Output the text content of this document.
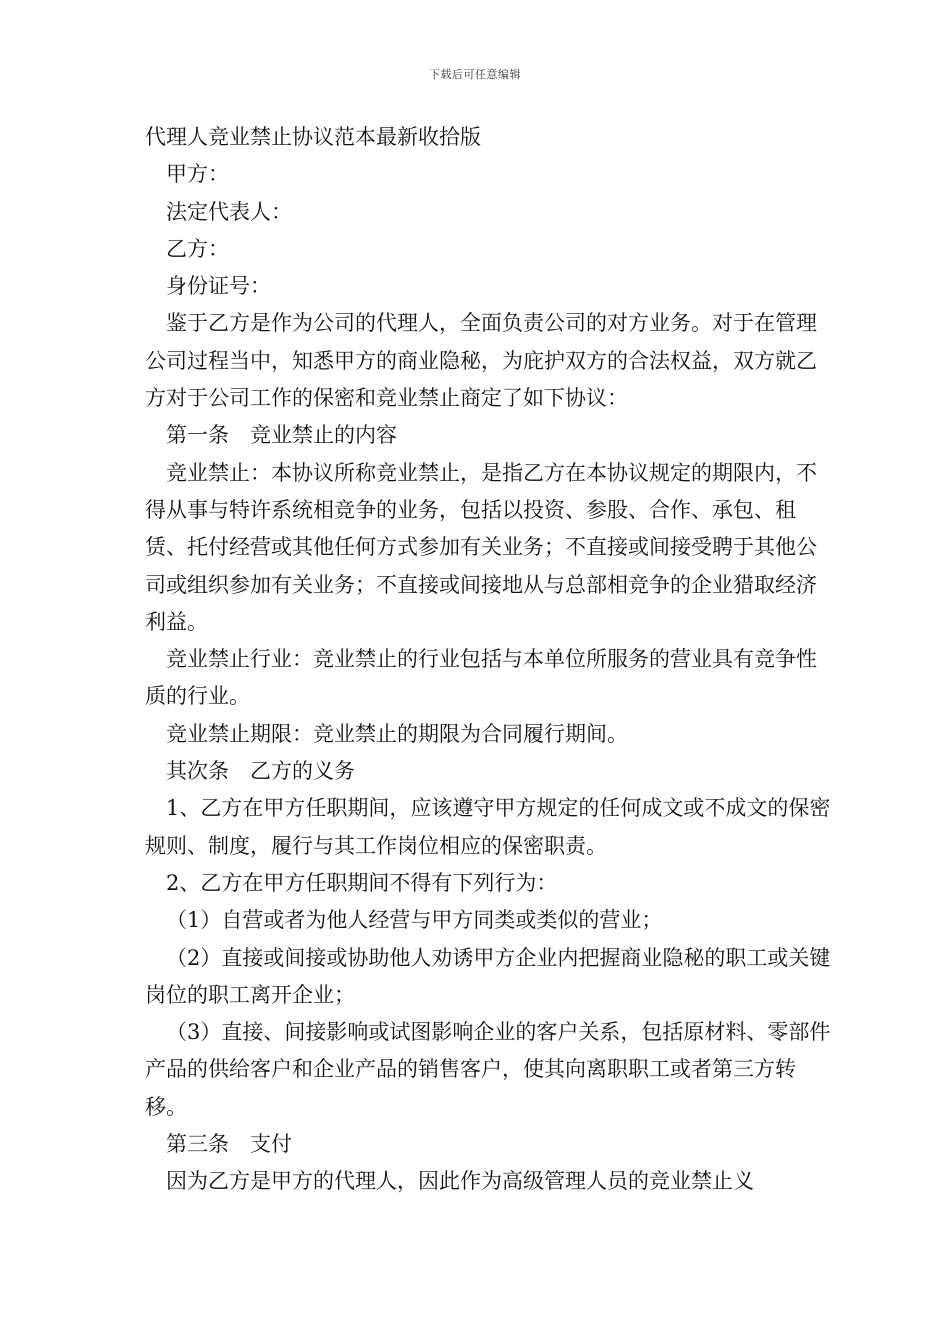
下载后可任意编辑

代理人竞业禁止协议范本最新收拾版

甲方：

法定代表人：

乙方：

身份证号：

鉴于乙方是作为公司的代理人，全面负责公司的对方业务。对于在管理公司过程当中，知悉甲方的商业隐秘，为庇护双方的合法权益，双方就乙方对于公司工作的保密和竞业禁止商定了如下协议：

第一条　竞业禁止的内容

竞业禁止：本协议所称竞业禁止，是指乙方在本协议规定的期限内，不得从事与特许系统相竞争的业务，包括以投资、参股、合作、承包、租赁、托付经营或其他任何方式参加有关业务；不直接或间接受聘于其他公司或组织参加有关业务；不直接或间接地从与总部相竞争的企业猎取经济利益。

竞业禁止行业：竞业禁止的行业包括与本单位所服务的营业具有竞争性质的行业。

竞业禁止期限：竞业禁止的期限为合同履行期间。

其次条　乙方的义务

1、乙方在甲方任职期间，应该遵守甲方规定的任何成文或不成文的保密规则、制度，履行与其工作岗位相应的保密职责。

2、乙方在甲方任职期间不得有下列行为：

（1）自营或者为他人经营与甲方同类或类似的营业；

（2）直接或间接或协助他人劝诱甲方企业内把握商业隐秘的职工或关键岗位的职工离开企业；

（3）直接、间接影响或试图影响企业的客户关系，包括原材料、零部件产品的供给客户和企业产品的销售客户，使其向离职职工或者第三方转移。

第三条　支付

因为乙方是甲方的代理人，因此作为高级管理人员的竞业禁止义
